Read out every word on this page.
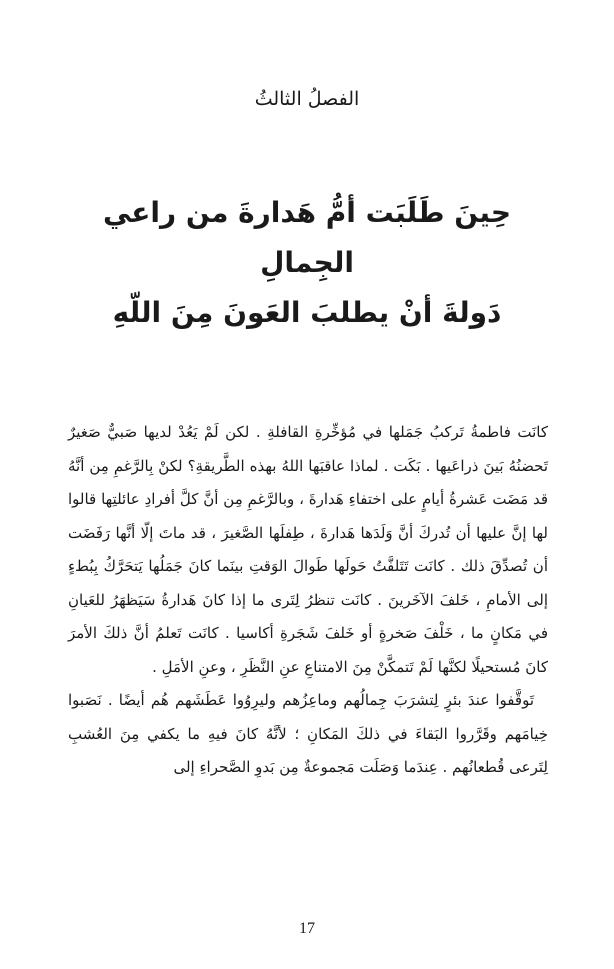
الفصلُ الثالثُ
حِينَ طَلَبَت أمُّ هَدارةَ من راعي الجِمالِ
دَولةَ أنْ يطلبَ العَونَ مِنَ اللّهِ

كانَت فاطمةُ تَركبُ جَمَلها في مُؤخِّرةِ القافلةِ . لكن لَمْ يَعُدْ لديها صَبيٌّ صَغيرٌ تَحضنُهُ بَينَ ذراعَيها . بَكَت . لماذا عاقبَها اللهُ بهذه الطَّريقةِ؟ لكنْ بِالرَّغمِ مِن أنَّهُ قد مَضَت عَشرةُ أيامٍ على اختفاءِ هَدارةَ ، وبالرَّغمِ مِن أنَّ كلَّ أفرادِ عائلتِها قالوا لها إنَّ عليها أن تُدركَ أنَّ وَلَدَها هَدارةَ ، طِفلَها الصَّغيرَ ، قد ماتَ إلّا أنَّها رَفَضَت أن تُصدِّقَ ذلك . كانَت تَتَلفَّتُ حَولَها طَوالَ الوَقتِ بينَما كانَ جَمَلُها يَتحَرَّكُ بِبُطءٍ إلى الأمامِ ، خَلفَ الآخَرينَ . كانَت تنظرُ لِتَرى ما إذا كانَ هَدارةُ سَيَظهَرُ للعَيانِ في مَكانٍ ما ، خَلْفَ صَخرةٍ أو خَلفَ شَجَرةِ أكاسيا . كانَت تَعلمُ أنَّ ذلكَ الأمرَ كانَ مُستحيلًا لكنَّها لَمْ تَتمكَّنْ مِنَ الامتناعِ عنِ النَّظَرِ ، وعنِ الأمَلِ .

تَوقَّفوا عندَ بئرٍ لِتشرَبَ جِمالُهم وماعِزُهم وليرِوُوا عَطَشَهم هُم أيضًا . نَصَبوا خِيامَهم وقَرَّروا البَقاءَ في ذلكَ المَكانِ ؛ لأنَّهُ كانَ فيهِ ما يكفي مِنَ العُشبِ لِتَرعى قُطعانُهم . عِندَما وَصَلَت مَجموعةٌ مِن بَدوِ الصَّحراءِ إلى

17
